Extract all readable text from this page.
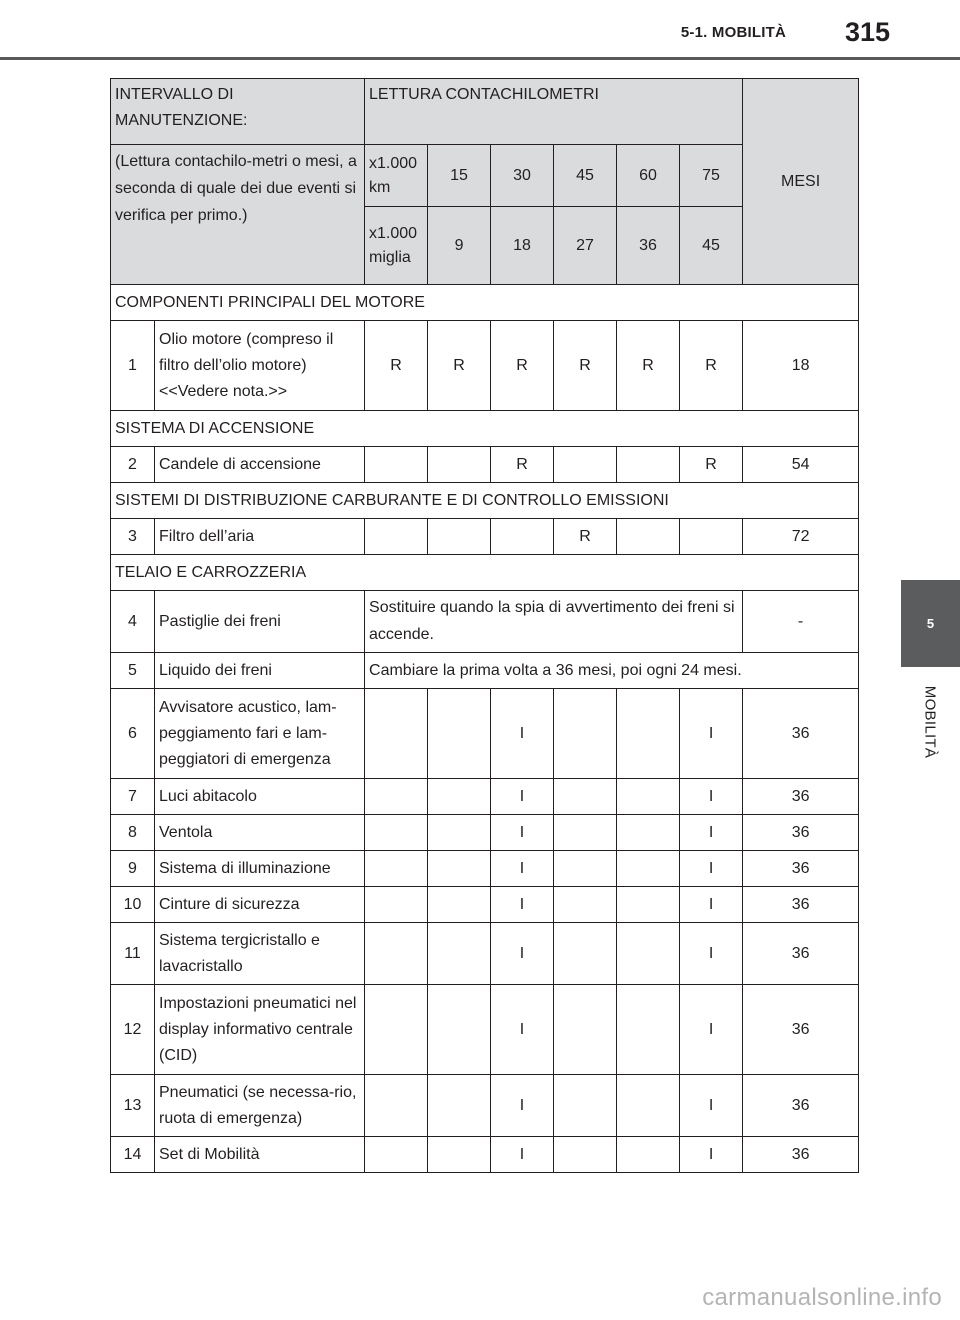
5-1. MOBILITÀ 315
5
MOBILITÀ
INTERVALLO DI MANUTENZIONE:		LETTURA CONTACHILOMETRI						MESI
(Lettura contachilo-metri o mesi, a seconda di quale dei due eventi si verifica per primo.)		x1.000 km	15	30	45	60	75	
		x1.000 miglia	9	18	27	36	45	
COMPONENTI PRINCIPALI DEL MOTORE								
1	Olio motore (compreso il filtro dell’olio motore) <<Vedere nota.>>	R	R	R	R	R	R	18
SISTEMA DI ACCENSIONE								
2	Candele di accensione			R			R	54
SISTEMI DI DISTRIBUZIONE CARBURANTE E DI CONTROLLO EMISSIONI								
3	Filtro dell’aria				R			72
TELAIO E CARROZZERIA								
4	Pastiglie dei freni	Sostituire quando la spia di avvertimento dei freni si accende.						-
5	Liquido dei freni	Cambiare la prima volta a 36 mesi, poi ogni 24 mesi.						
6	Avvisatore acustico, lam-peggiamento fari e lam-peggiatori di emergenza			I			I	36
7	Luci abitacolo			I			I	36
8	Ventola			I			I	36
9	Sistema di illuminazione			I			I	36
10	Cinture di sicurezza			I			I	36
11	Sistema tergicristallo e lavacristallo			I			I	36
12	Impostazioni pneumatici nel display informativo centrale (CID)			I			I	36
13	Pneumatici (se necessa-rio, ruota di emergenza)			I			I	36
14	Set di Mobilità			I			I	36
carmanualsonline.info
